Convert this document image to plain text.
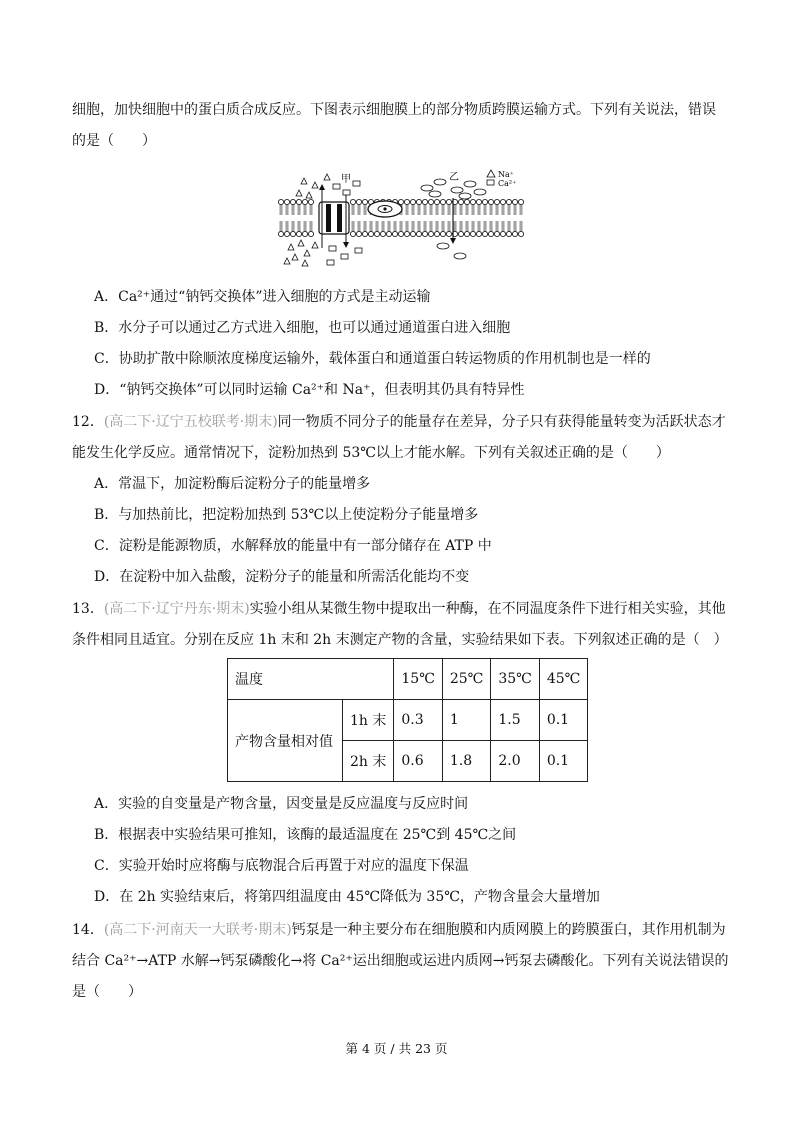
细胞，加快细胞中的蛋白质合成反应。下图表示细胞膜上的部分物质跨膜运输方式。下列有关说法，错误
的是（　　）
甲	乙	Na⁺
Ca²⁺
A．Ca²⁺通过“钠钙交换体”进入细胞的方式是主动运输
B．水分子可以通过乙方式进入细胞，也可以通过通道蛋白进入细胞
C．协助扩散中除顺浓度梯度运输外，载体蛋白和通道蛋白转运物质的作用机制也是一样的
D．“钠钙交换体”可以同时运输 Ca²⁺和 Na⁺，但表明其仍具有特异性
12．(高二下·辽宁五校联考·期末)同一物质不同分子的能量存在差异，分子只有获得能量转变为活跃状态才
能发生化学反应。通常情况下，淀粉加热到 53℃以上才能水解。下列有关叙述正确的是（　　）
A．常温下，加淀粉酶后淀粉分子的能量增多
B．与加热前比，把淀粉加热到 53℃以上使淀粉分子能量增多
C．淀粉是能源物质，水解释放的能量中有一部分储存在 ATP 中
D．在淀粉中加入盐酸，淀粉分子的能量和所需活化能均不变
13．(高二下·辽宁丹东·期末)实验小组从某微生物中提取出一种酶，在不同温度条件下进行相关实验，其他
条件相同且适宜。分别在反应 1h 末和 2h 末测定产物的含量，实验结果如下表。下列叙述正确的是（　）
温度		15℃	25℃	35℃	45℃
产物含量相对值	1h 末	0.3	1	1.5	0.1
	2h 末	0.6	1.8	2.0	0.1
A．实验的自变量是产物含量，因变量是反应温度与反应时间
B．根据表中实验结果可推知，该酶的最适温度在 25℃到 45℃之间
C．实验开始时应将酶与底物混合后再置于对应的温度下保温
D．在 2h 实验结束后，将第四组温度由 45℃降低为 35℃，产物含量会大量增加
14．(高二下·河南天一大联考·期末)钙泵是一种主要分布在细胞膜和内质网膜上的跨膜蛋白，其作用机制为
结合 Ca²⁺→ATP 水解→钙泵磷酸化→将 Ca²⁺运出细胞或运进内质网→钙泵去磷酸化。下列有关说法错误的
是（　　）
第 4 页 / 共 23 页
